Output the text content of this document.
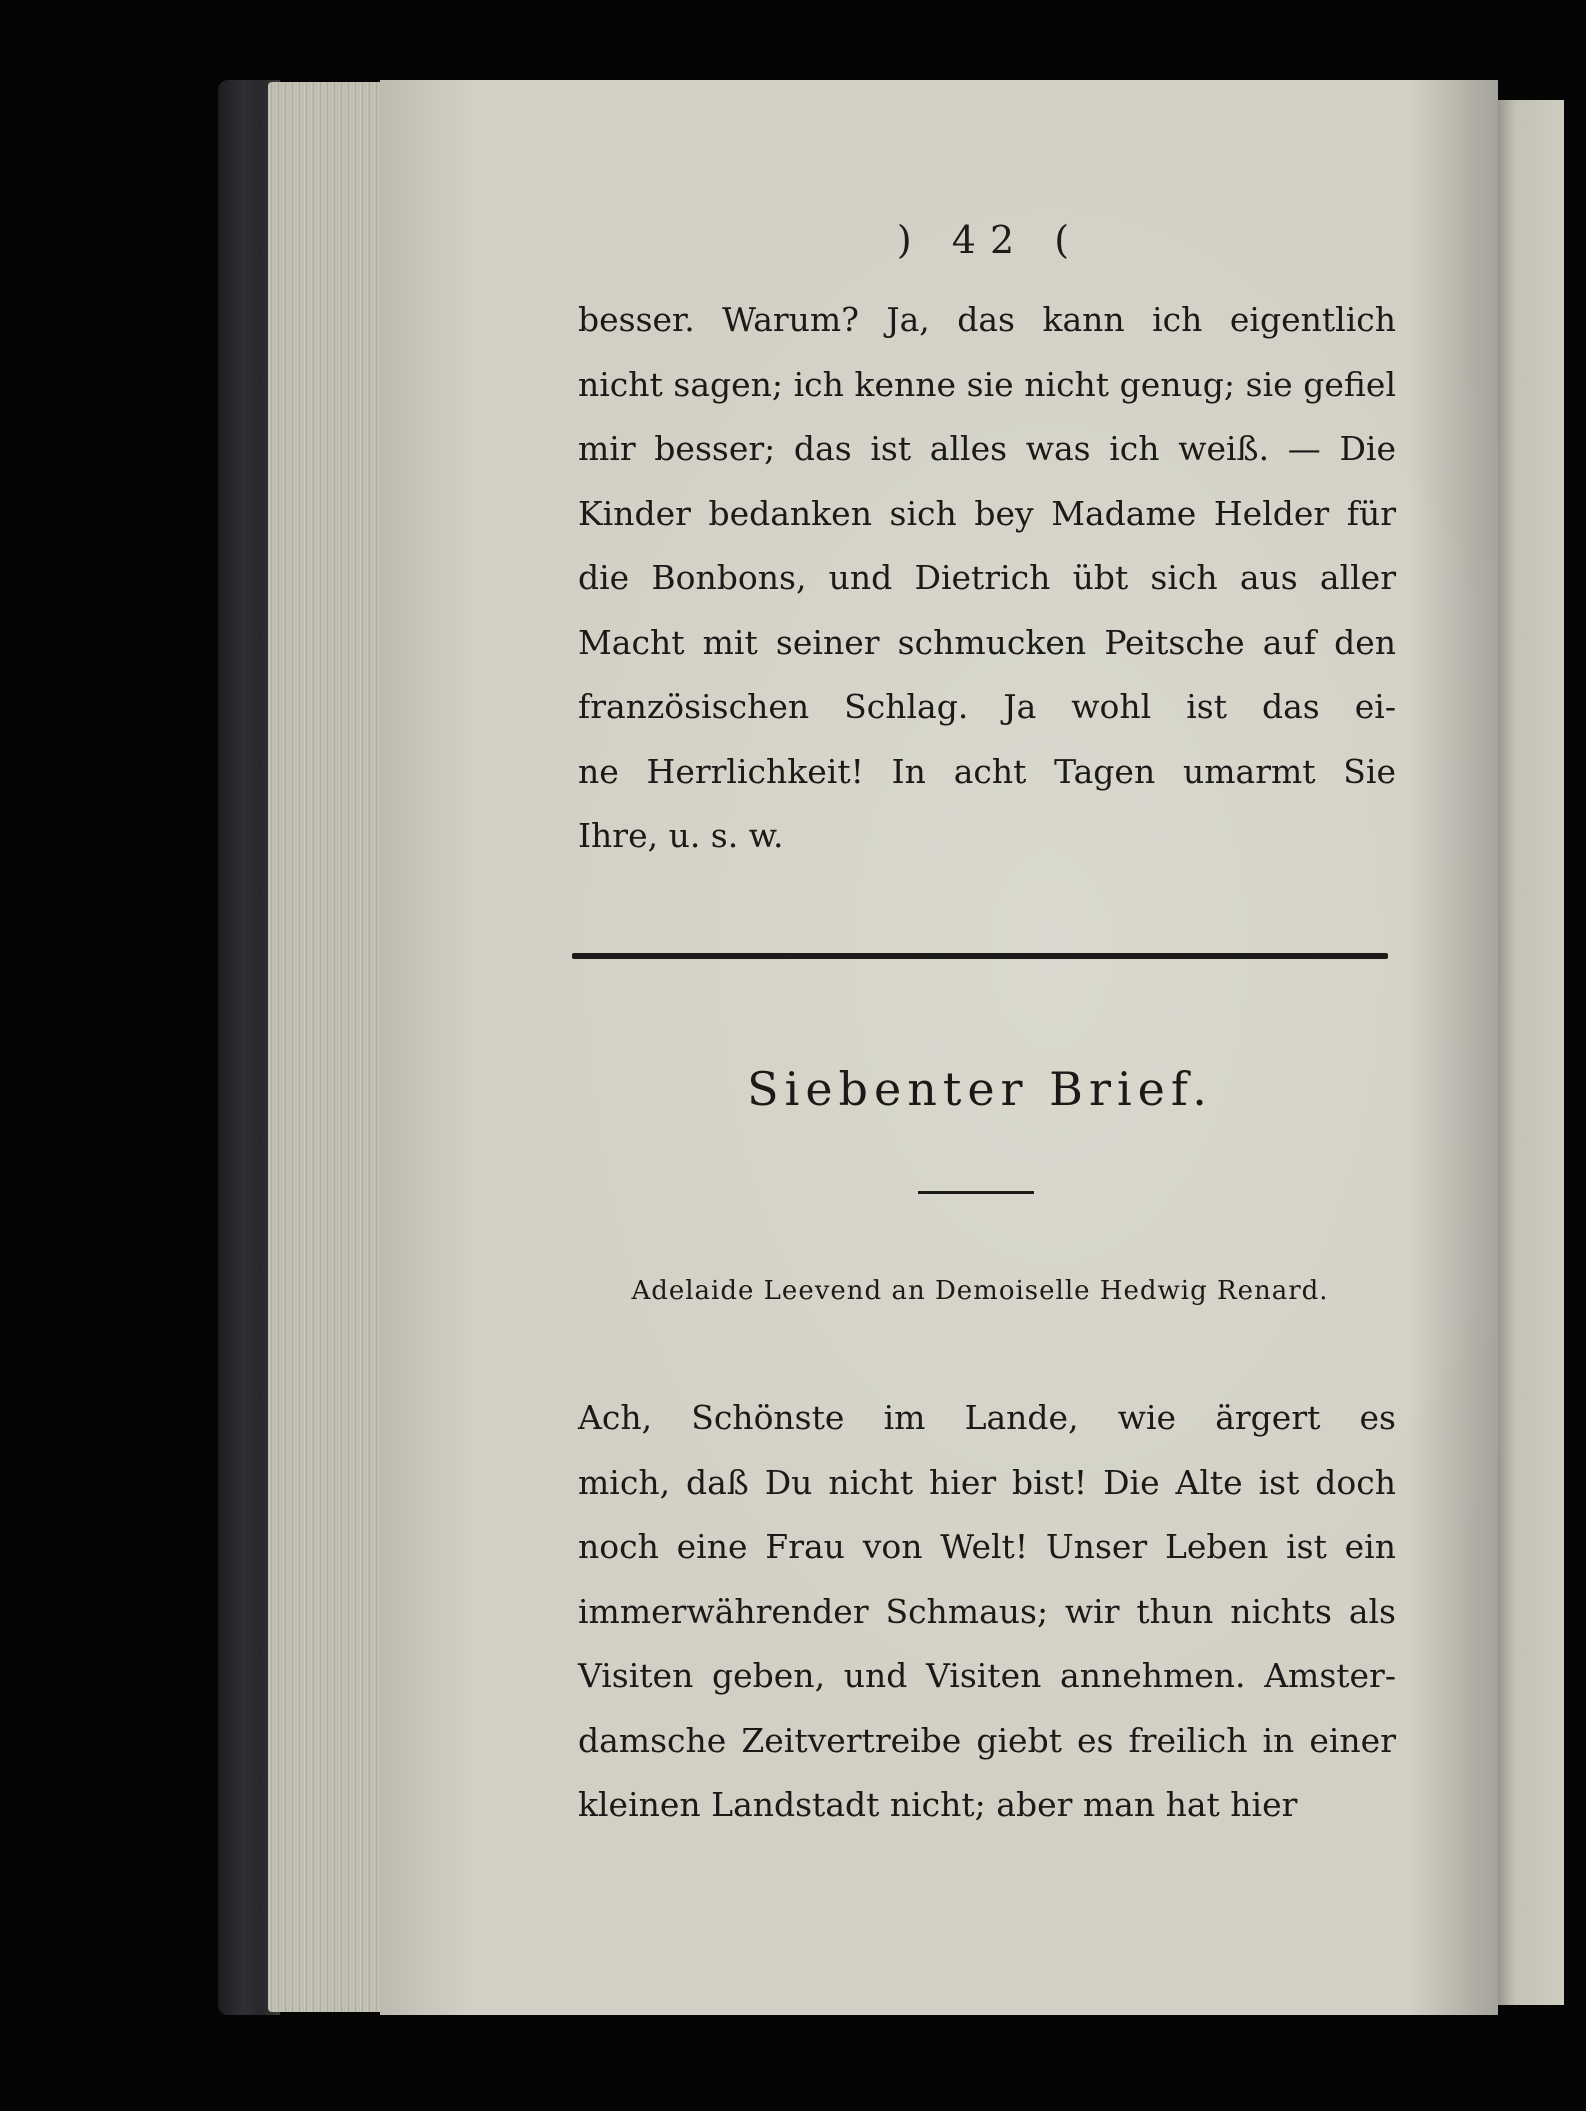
) 42 (
besser. Warum? Ja, das kann ich eigentlich
nicht sagen; ich kenne sie nicht genug; sie gefiel
mir besser; das ist alles was ich weiß. — Die
Kinder bedanken sich bey Madame Helder für
die Bonbons, und Dietrich übt sich aus aller
Macht mit seiner schmucken Peitsche auf den
französischen Schlag. Ja wohl ist das ei-
ne Herrlichkeit! In acht Tagen umarmt Sie
Ihre, u. s. w.
Siebenter Brief.
Adelaide Leevend an Demoiselle Hedwig Renard.
Ach, Schönste im Lande, wie ärgert es
mich, daß Du nicht hier bist! Die Alte ist doch
noch eine Frau von Welt! Unser Leben ist ein
immerwährender Schmaus; wir thun nichts als
Visiten geben, und Visiten annehmen. Amster-
damsche Zeitvertreibe giebt es freilich in einer
kleinen Landstadt nicht; aber man hat hier
